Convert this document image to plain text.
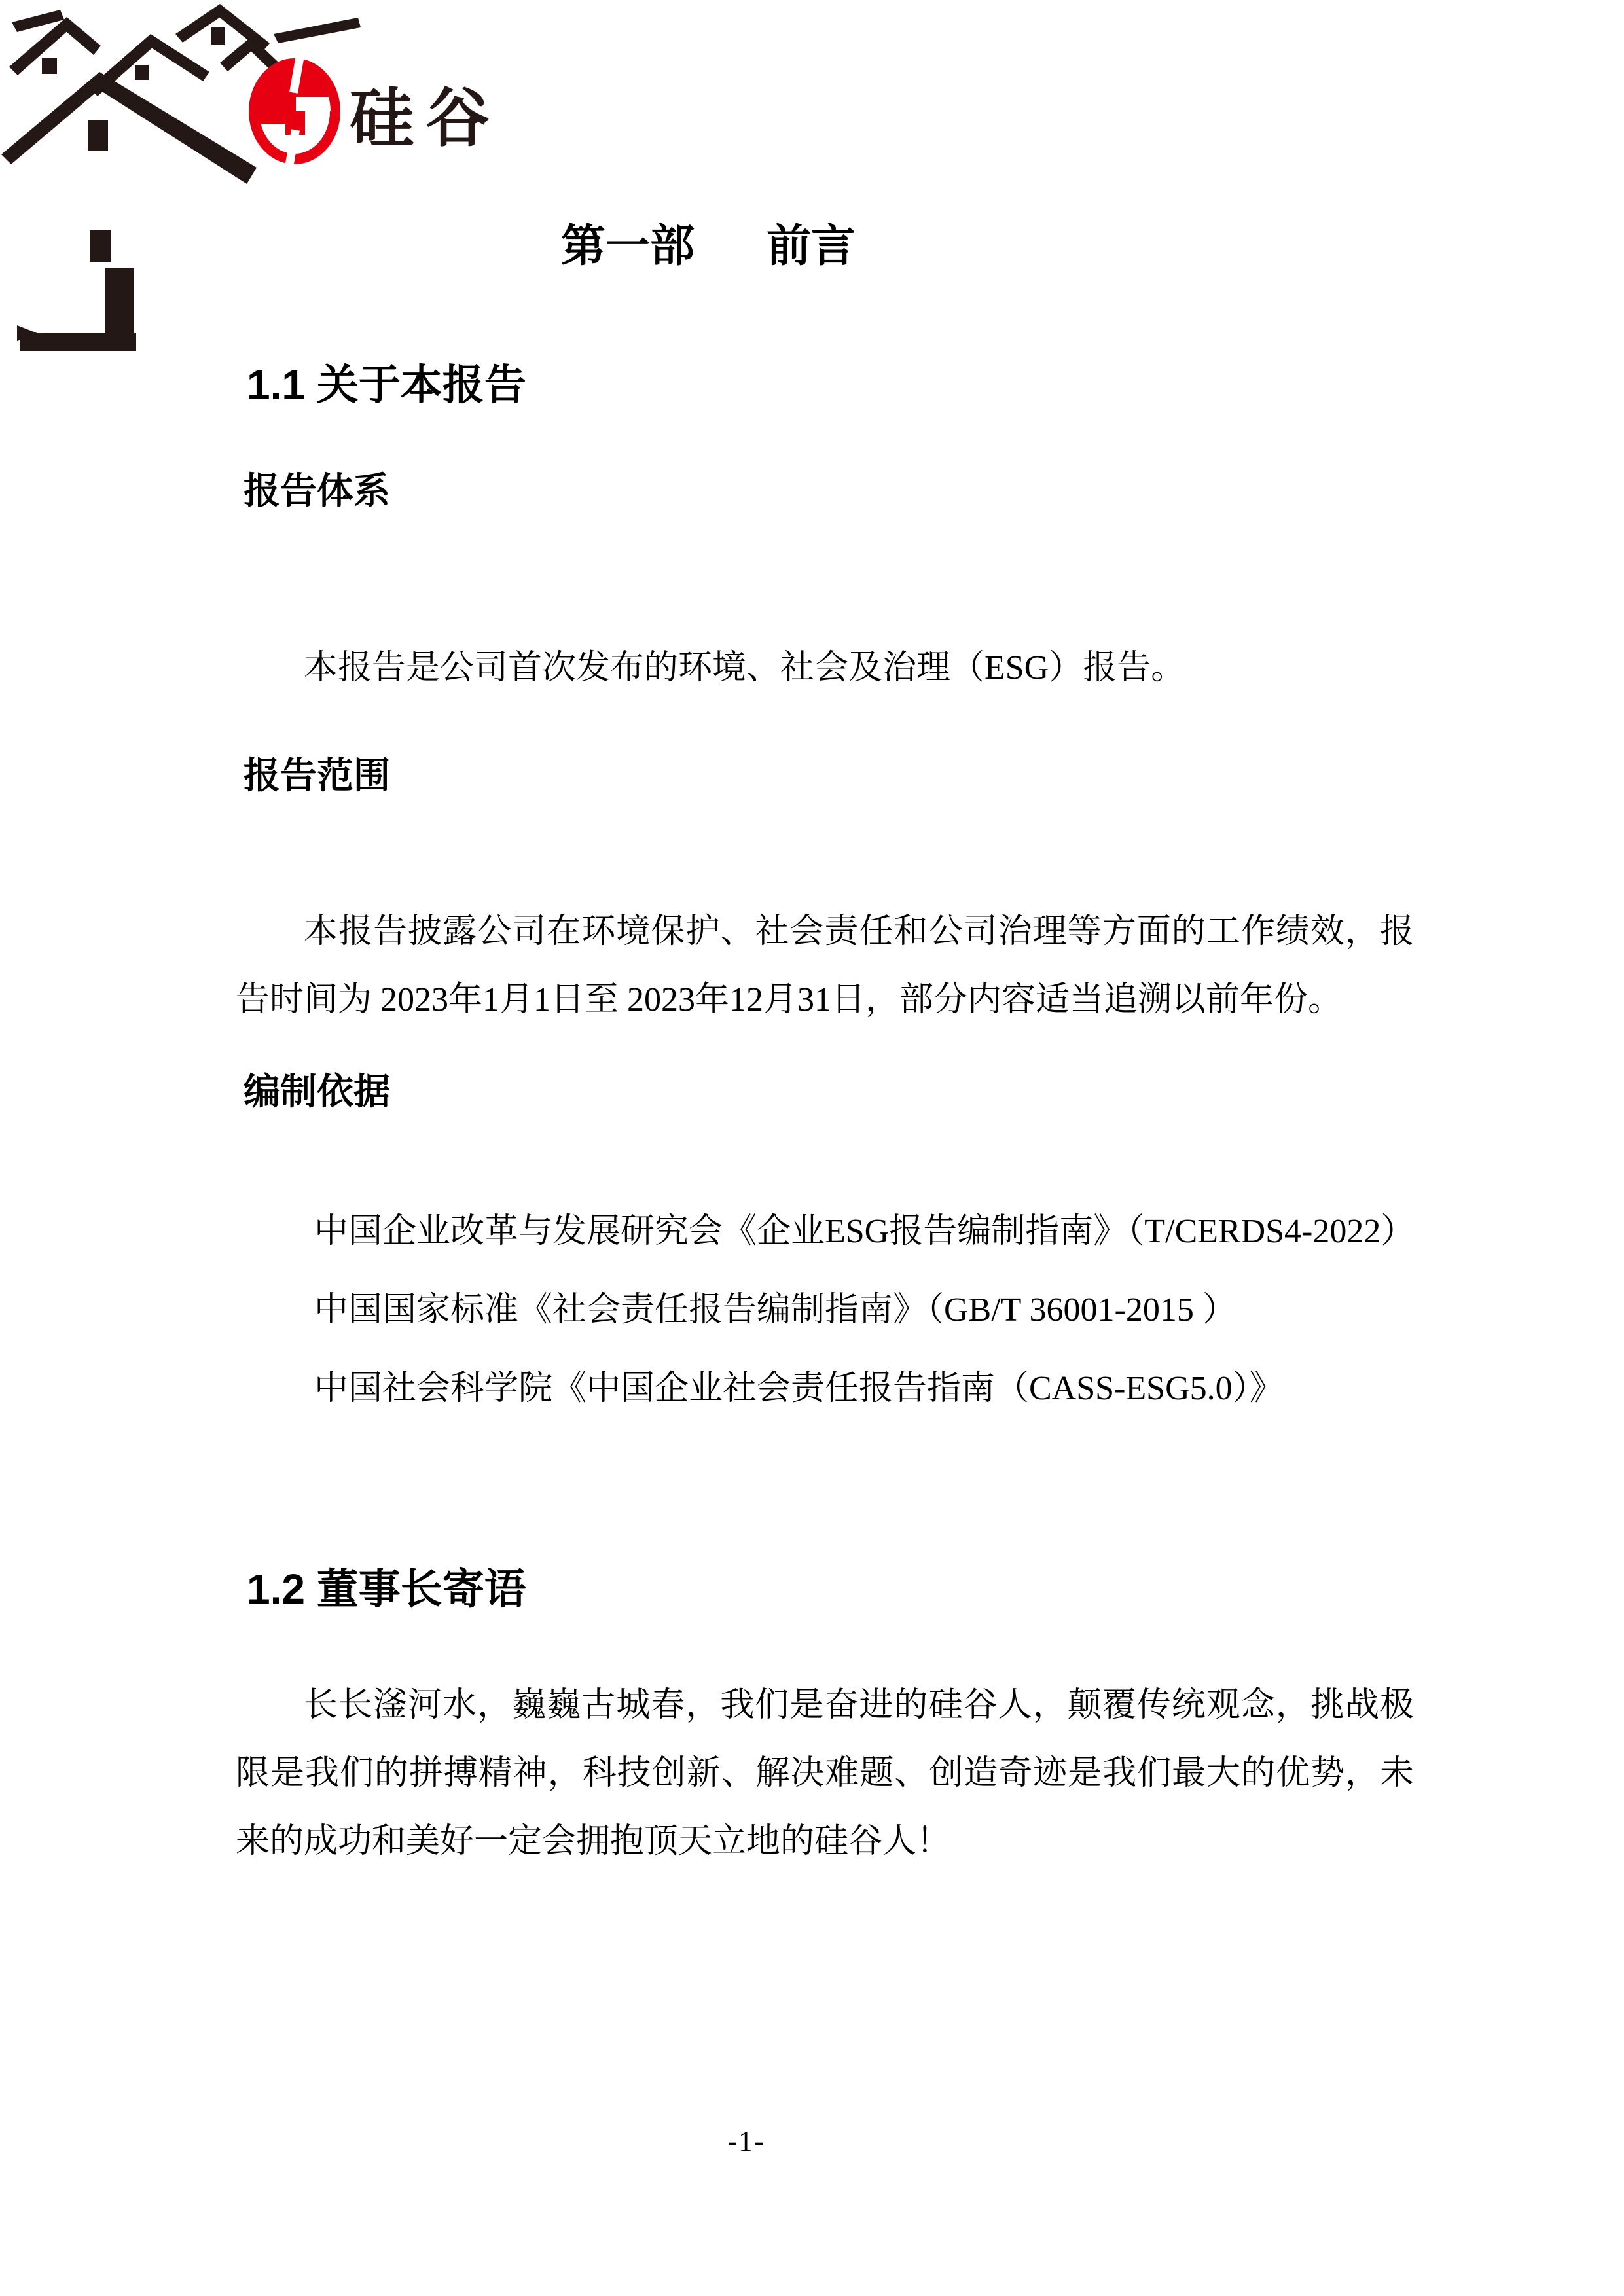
硅谷
第一部 前言
1.1 关于本报告
报告体系

本报告是公司首次发布的环境、社会及治理（ESG）报告。

报告范围

本报告披露公司在环境保护、社会责任和公司治理等方面的工作绩效，报告时间为 2023年1月1日至 2023年12月31日，部分内容适当追溯以前年份。

编制依据

中国企业改革与发展研究会《企业ESG报告编制指南》（T/CERDS4-2022）

中国国家标准《社会责任报告编制指南》（GB/T 36001-2015 ）

中国社会科学院《中国企业社会责任报告指南（CASS-ESG5.0）》

1.2 董事长寄语

长长滏河水，巍巍古城春，我们是奋进的硅谷人，颠覆传统观念，挑战极限是我们的拼搏精神，科技创新、解决难题、创造奇迹是我们最大的优势，未来的成功和美好一定会拥抱顶天立地的硅谷人！

-1-
